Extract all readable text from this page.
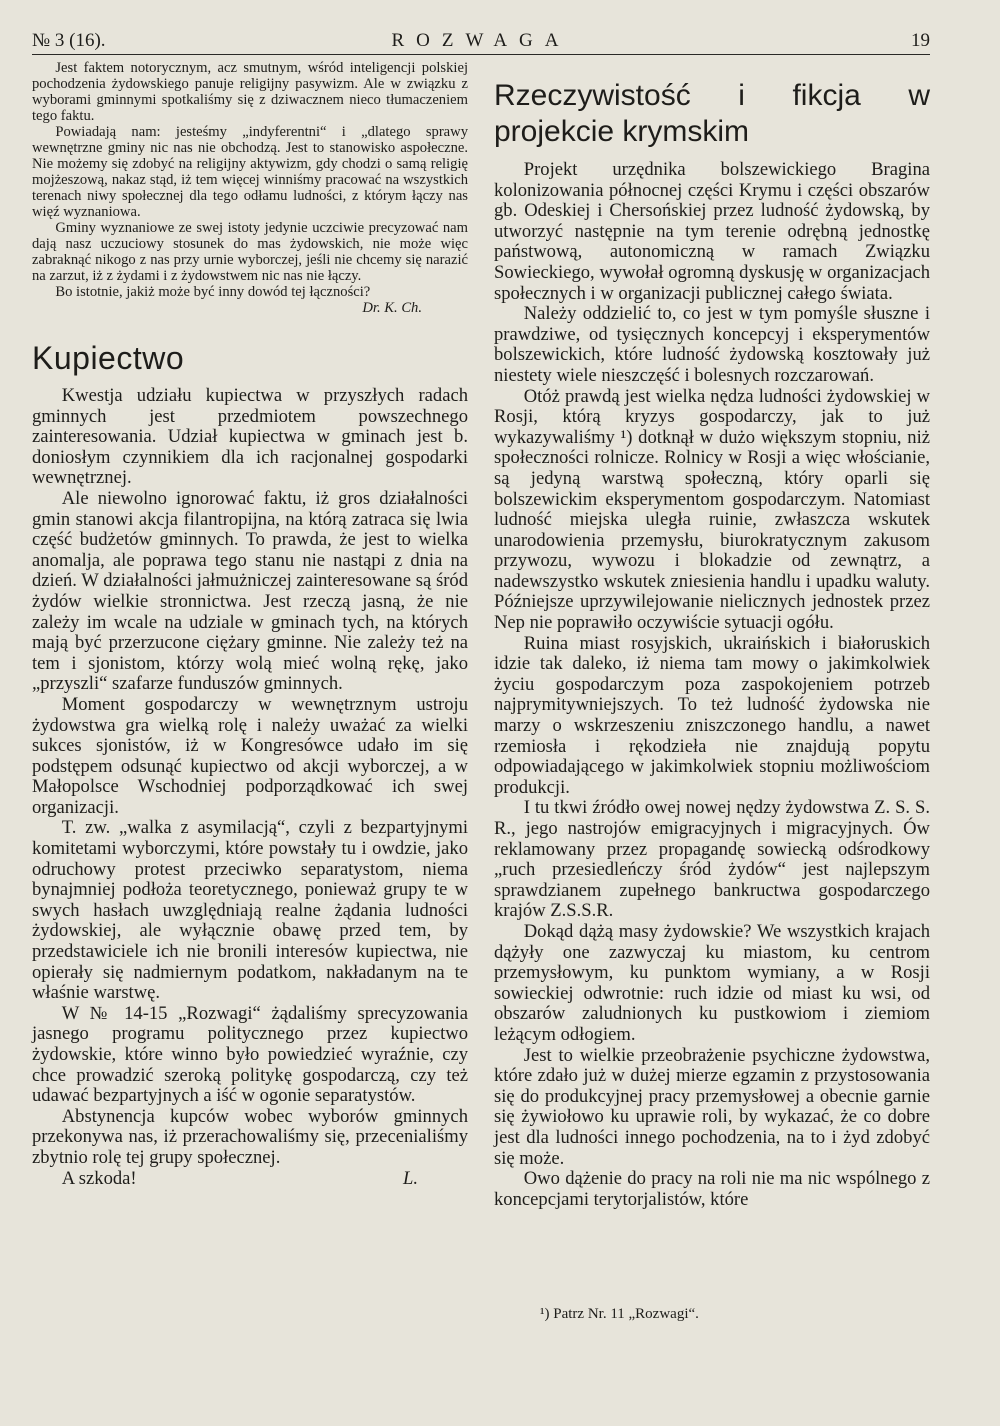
№ 3 (16).	ROZWAGA	19

Jest faktem notorycznym, acz smutnym, wśród inteligencji polskiej pochodzenia żydowskiego panuje religijny pasywizm. Ale w związku z wyborami gminnymi spotkaliśmy się z dziwacznem nieco tłumaczeniem tego faktu.

Powiadają nam: jesteśmy „indyferentni“ i „dlatego sprawy wewnętrzne gminy nic nas nie obchodzą. Jest to stanowisko aspołeczne. Nie możemy się zdobyć na religijny aktywizm, gdy chodzi o samą religię mojżeszową, nakaz stąd, iż tem więcej winniśmy pracować na wszystkich terenach niwy społecznej dla tego odłamu ludności, z którym łączy nas więź wyznaniowa.

Gminy wyznaniowe ze swej istoty jedynie uczciwie precyzować nam dają nasz uczuciowy stosunek do mas żydowskich, nie może więc zabraknąć nikogo z nas przy urnie wyborczej, jeśli nie chcemy się narazić na zarzut, iż z żydami i z żydowstwem nic nas nie łączy.

Bo istotnie, jakiż może być inny dowód tej łączności?

Dr. K. Ch.
Kupiectwo

Kwestja udziału kupiectwa w przyszłych radach gminnych jest przedmiotem powszechnego zainteresowania. Udział kupiectwa w gminach jest b. doniosłym czynnikiem dla ich racjonalnej gospodarki wewnętrznej.

Ale niewolno ignorować faktu, iż gros działalności gmin stanowi akcja filantropijna, na którą zatraca się lwia część budżetów gminnych. To prawda, że jest to wielka anomalja, ale poprawa tego stanu nie nastąpi z dnia na dzień. W działalności jałmużniczej zainteresowane są śród żydów wielkie stronnictwa. Jest rzeczą jasną, że nie zależy im wcale na udziale w gminach tych, na których mają być przerzucone ciężary gminne. Nie zależy też na tem i sjonistom, którzy wolą mieć wolną rękę, jako „przyszli“ szafarze funduszów gminnych.

Moment gospodarczy w wewnętrznym ustroju żydowstwa gra wielką rolę i należy uważać za wielki sukces sjonistów, iż w Kongresówce udało im się podstępem odsunąć kupiectwo od akcji wyborczej, a w Małopolsce Wschodniej podporządkować ich swej organizacji.

T. zw. „walka z asymilacją“, czyli z bezpartyjnymi komitetami wyborczymi, które powstały tu i owdzie, jako odruchowy protest przeciwko separatystom, niema bynajmniej podłoża teoretycznego, ponieważ grupy te w swych hasłach uwzględniają realne żądania ludności żydowskiej, ale wyłącznie obawę przed tem, by przedstawiciele ich nie bronili interesów kupiectwa, nie opierały się nadmiernym podatkom, nakładanym na te właśnie warstwę.

W № 14-15 „Rozwagi“ żądaliśmy sprecyzowania jasnego programu politycznego przez kupiectwo żydowskie, które winno było powiedzieć wyraźnie, czy chce prowadzić szeroką politykę gospodarczą, czy też udawać bezpartyjnych a iść w ogonie separatystów.

Abstynencja kupców wobec wyborów gminnych przekonywa nas, iż przerachowaliśmy się, przecenialiśmy zbytnio rolę tej grupy społecznej.

A szkoda!	L.
Rzeczywistość i fikcja w projekcie krymskim

Projekt urzędnika bolszewickiego Bragina kolonizowania północnej części Krymu i części obszarów gb. Odeskiej i Chersońskiej przez ludność żydowską, by utworzyć następnie na tym terenie odrębną jednostkę państwową, autonomiczną w ramach Związku Sowieckiego, wywołał ogromną dyskusję w organizacjach społecznych i w organizacji publicznej całego świata.

Należy oddzielić to, co jest w tym pomyśle słuszne i prawdziwe, od tysięcznych koncepcyj i eksperymentów bolszewickich, które ludność żydowską kosztowały już niestety wiele nieszczęść i bolesnych rozczarowań.

Otóż prawdą jest wielka nędza ludności żydowskiej w Rosji, którą kryzys gospodarczy, jak to już wykazywaliśmy ¹) dotknął w dużo większym stopniu, niż społeczności rolnicze. Rolnicy w Rosji a więc włościanie, są jedyną warstwą społeczną, który oparli się bolszewickim eksperymentom gospodarczym. Natomiast ludność miejska uległa ruinie, zwłaszcza wskutek unarodowienia przemysłu, biurokratycznym zakusom przywozu, wywozu i blokadzie od zewnątrz, a nadewszystko wskutek zniesienia handlu i upadku waluty. Późniejsze uprzywilejowanie nielicznych jednostek przez Nep nie poprawiło oczywiście sytuacji ogółu.

Ruina miast rosyjskich, ukraińskich i białoruskich idzie tak daleko, iż niema tam mowy o jakimkolwiek życiu gospodarczym poza zaspokojeniem potrzeb najprymitywniejszych. To też ludność żydowska nie marzy o wskrzeszeniu zniszczonego handlu, a nawet rzemiosła i rękodzieła nie znajdują popytu odpowiadającego w jakimkolwiek stopniu możliwościom produkcji.

I tu tkwi źródło owej nowej nędzy żydowstwa Z. S. S. R., jego nastrojów emigracyjnych i migracyjnych. Ów reklamowany przez propagandę sowiecką odśrodkowy „ruch przesiedleńczy śród żydów“ jest najlepszym sprawdzianem zupełnego bankructwa gospodarczego krajów Z.S.S.R.

Dokąd dążą masy żydowskie? We wszystkich krajach dążyły one zazwyczaj ku miastom, ku centrom przemysłowym, ku punktom wymiany, a w Rosji sowieckiej odwrotnie: ruch idzie od miast ku wsi, od obszarów zaludnionych ku pustkowiom i ziemiom leżącym odłogiem.

Jest to wielkie przeobrażenie psychiczne żydowstwa, które zdało już w dużej mierze egzamin z przystosowania się do produkcyjnej pracy przemysłowej a obecnie garnie się żywiołowo ku uprawie roli, by wykazać, że co dobre jest dla ludności innego pochodzenia, na to i żyd zdobyć się może.

Owo dążenie do pracy na roli nie ma nic wspólnego z koncepcjami terytorjalistów, które

¹) Patrz Nr. 11 „Rozwagi“.
